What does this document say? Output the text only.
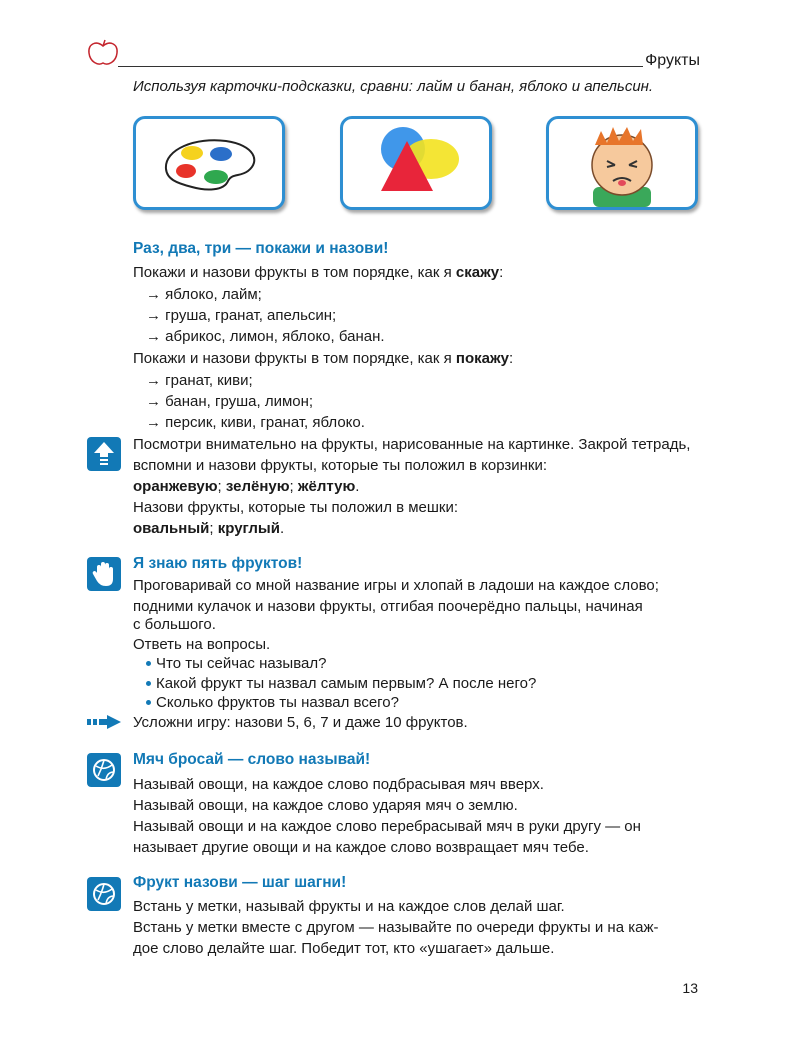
Фрукты
Используя карточки-подсказки, сравни: лайм и банан, яблоко и апельсин.
Раз, два, три — покажи и назови!
Покажи и назови фрукты в том порядке, как я скажу:
→ яблоко, лайм;
→ груша, гранат, апельсин;
→ абрикос, лимон, яблоко, банан.
Покажи и назови фрукты в том порядке, как я покажу:
→ гранат, киви;
→ банан, груша, лимон;
→ персик, киви, гранат, яблоко.
Посмотри внимательно на фрукты, нарисованные на картинке. Закрой тетрадь,
вспомни и назови фрукты, которые ты положил в корзинки:
оранжевую; зелёную; жёлтую.
Назови фрукты, которые ты положил в мешки:
овальный; круглый.
Я знаю пять фруктов!
Проговаривай со мной название игры и хлопай в ладоши на каждое слово;
подними кулачок и назови фрукты, отгибая поочерёдно пальцы, начиная
с большого.
Ответь на вопросы.
Что ты сейчас называл?
Какой фрукт ты назвал самым первым? А после него?
Сколько фруктов ты назвал всего?
Усложни игру: назови 5, 6, 7 и даже 10 фруктов.
Мяч бросай — слово называй!
Называй овощи, на каждое слово подбрасывая мяч вверх.
Называй овощи, на каждое слово ударяя мяч о землю.
Называй овощи и на каждое слово перебрасывай мяч в руки другу — он
называет другие овощи и на каждое слово возвращает мяч тебе.
Фрукт назови — шаг шагни!
Встань у метки, называй фрукты и на каждое слов делай шаг.
Встань у метки вместе с другом — называйте по очереди фрукты и на каж-
дое слово делайте шаг. Победит тот, кто «ушагает» дальше.
13
